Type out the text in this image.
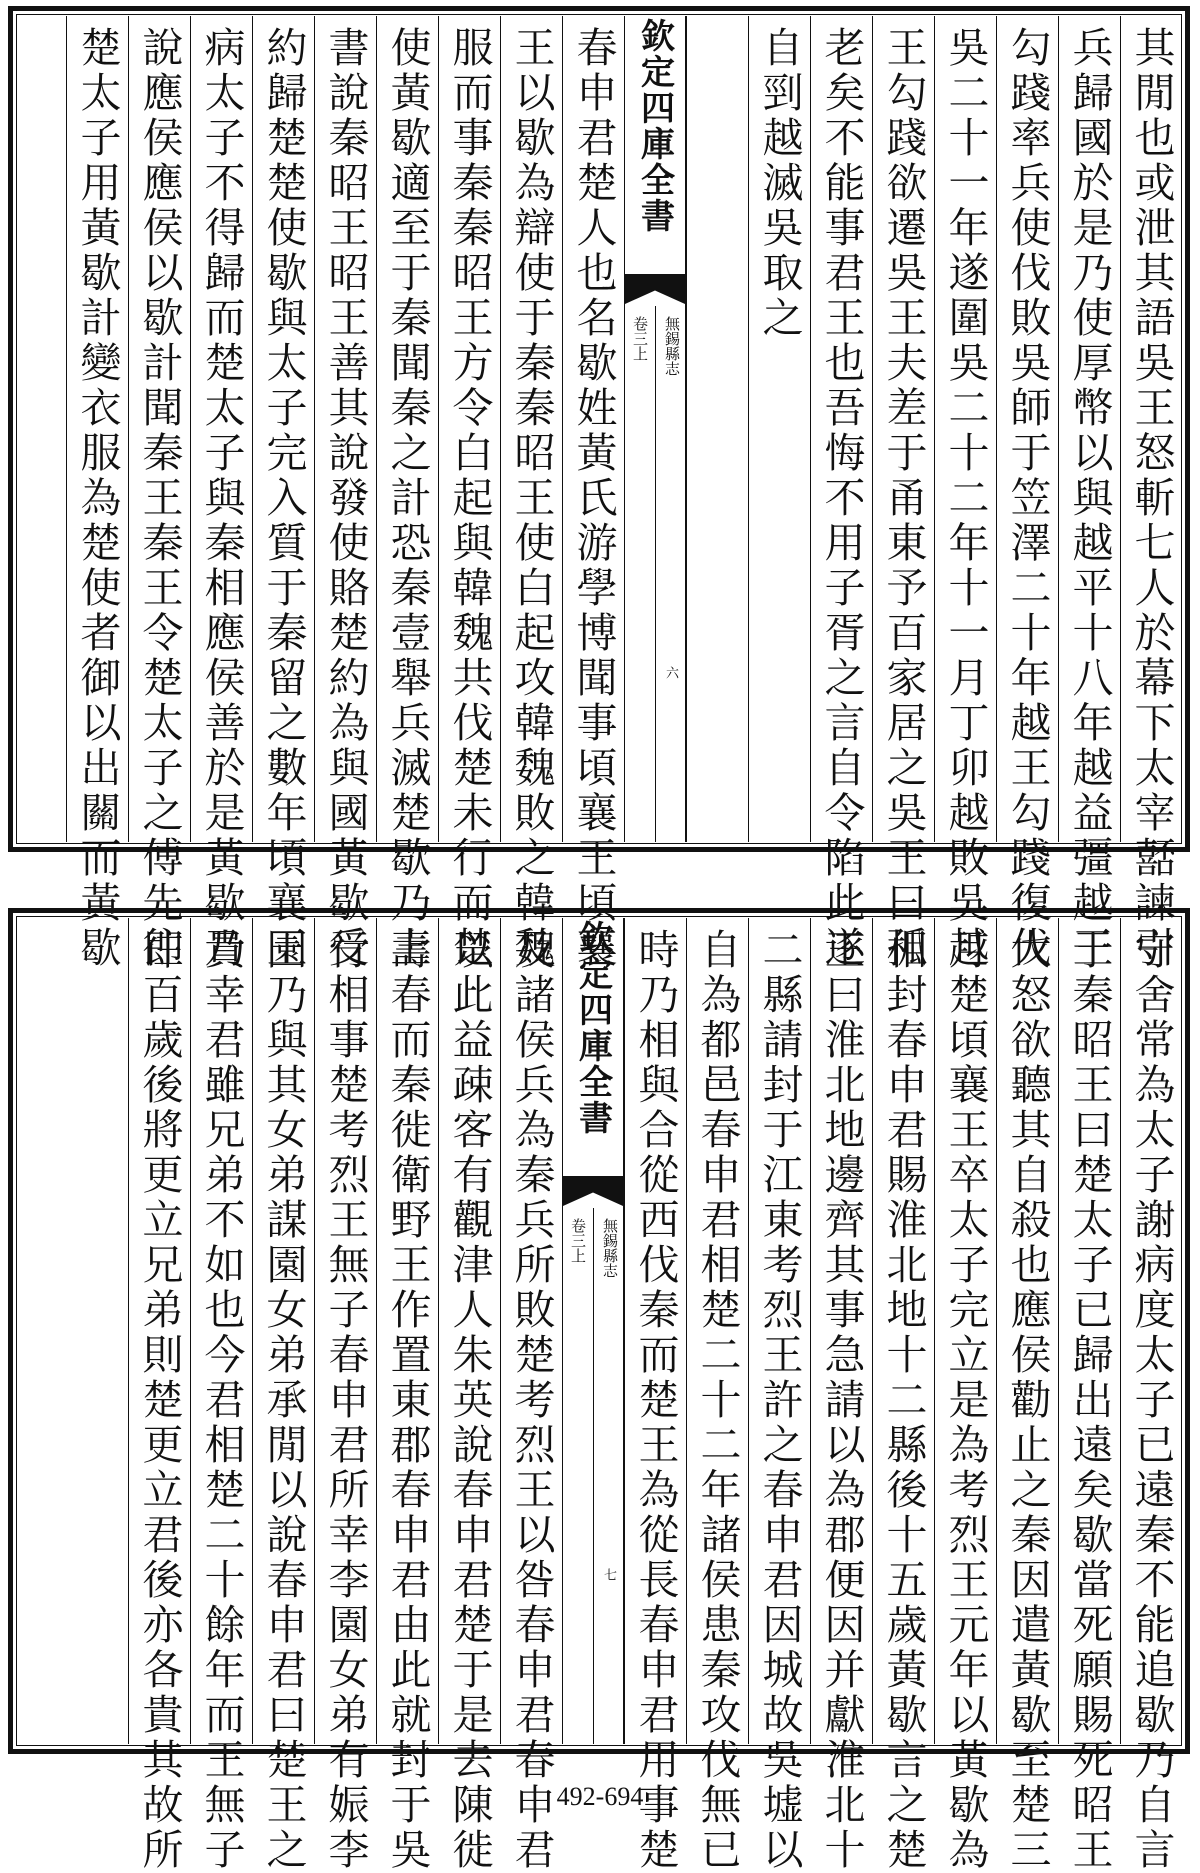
其閒也或泄其語吳王怒斬七人於幕下太宰嚭諫引
兵歸國於是乃使厚幣以與越平十八年越益彊越王
勾踐率兵使伐敗吳師于笠澤二十年越王勾踐復伐
吳二十一年遂圍吳二十二年十一月丁卯越敗吳越
王勾踐欲遷吳王夫差于甬東予百家居之吳王曰孤
老矣不能事君王也吾悔不用子胥之言自令陷此遂
自剄越滅吳取之
欽定四庫全書
無錫縣志
卷三上
六
春申君楚人也名歇姓黃氏游學博聞事頃襄王頃襄
王以歇為辯使于秦秦昭王使白起攻韓魏敗之韓魏
服而事秦秦昭王方令白起與韓魏共伐楚未行而楚
使黃歇適至于秦聞秦之計恐秦壹舉兵滅楚歇乃上
書說秦昭王昭王善其說發使賂楚約為與國黃歇受
約歸楚楚使歇與太子完入質于秦留之數年頃襄王
病太子不得歸而楚太子與秦相應侯善於是黃歇乃
說應侯應侯以歇計聞秦王秦王令楚太子之傅先往
楚太子用黃歇計變衣服為楚使者御以出關而黃歇
守舍常為太子謝病度太子已遠秦不能追歇乃自言
于秦昭王曰楚太子已歸出遠矣歇當死願賜死昭王
大怒欲聽其自殺也應侯勸止之秦因遣黃歇至楚三
月楚頃襄王卒太子完立是為考烈王元年以黃歇為
相封春申君賜淮北地十二縣後十五歲黃歇言之楚
王曰淮北地邊齊其事急請以為郡便因并獻淮北十
二縣請封于江東考烈王許之春申君因城故吳墟以
自為都邑春申君相楚二十二年諸侯患秦攻伐無已
時乃相與合從西伐秦而楚王為從長春申君用事楚
欽定四庫全書
無錫縣志
卷三上
七
及諸侯兵為秦兵所敗楚考烈王以咎春申君春申君
以此益疎客有觀津人朱英說春申君楚于是去陳徙
壽春而秦徙衛野王作置東郡春申君由此就封于吳
行相事楚考烈王無子春申君所幸李園女弟有娠李
園乃與其女弟謀園女弟承閒以說春申君曰楚王之
貴幸君雖兄弟不如也今君相楚二十餘年而王無子
即百歲後將更立兄弟則楚更立君後亦各貴其故所	492-694
